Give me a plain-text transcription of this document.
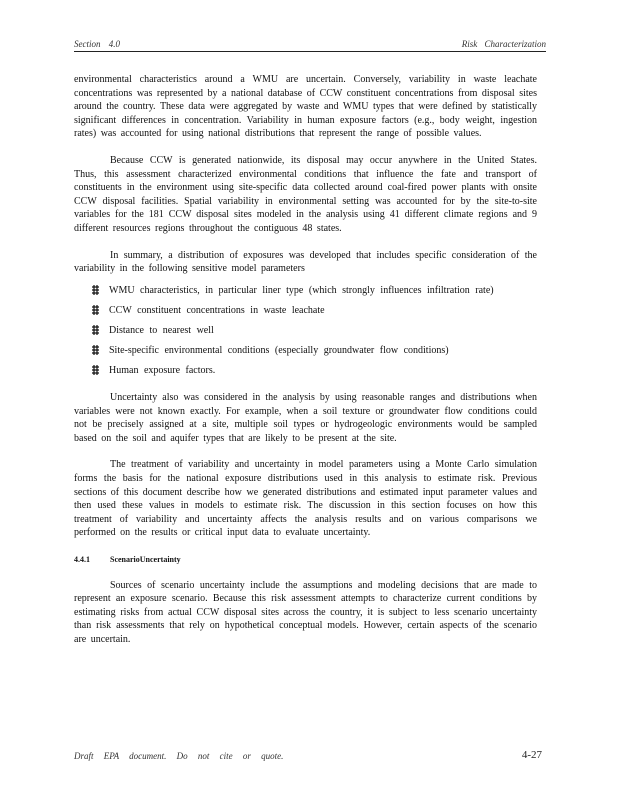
Section 4.0	Risk Characterization

environmental characteristics around a WMU are uncertain. Conversely, variability in waste leachate concentrations was represented by a national database of CCW constituent concentrations from disposal sites around the country. These data were aggregated by waste and WMU types that were defined by statistically significant differences in concentration. Variability in human exposure factors (e.g., body weight, ingestion rates) was accounted for using national distributions that represent the range of possible values.

Because CCW is generated nationwide, its disposal may occur anywhere in the United States. Thus, this assessment characterized environmental conditions that influence the fate and transport of constituents in the environment using site-specific data collected around coal-fired power plants with onsite CCW disposal facilities. Spatial variability in environmental setting was accounted for by the site-to-site variables for the 181 CCW disposal sites modeled in the analysis using 41 different climate regions and 9 different resources regions throughout the contiguous 48 states.

In summary, a distribution of exposures was developed that includes specific consideration of the variability in the following sensitive model parameters

WMU characteristics, in particular liner type (which strongly influences infiltration rate)
CCW constituent concentrations in waste leachate
Distance to nearest well
Site-specific environmental conditions (especially groundwater flow conditions)
Human exposure factors.

Uncertainty also was considered in the analysis by using reasonable ranges and distributions when variables were not known exactly. For example, when a soil texture or groundwater flow conditions could not be precisely assigned at a site, multiple soil types or hydrogeologic environments would be sampled based on the soil and aquifer types that are likely to be present at the site.

The treatment of variability and uncertainty in model parameters using a Monte Carlo simulation forms the basis for the national exposure distributions used in this analysis to estimate risk. Previous sections of this document describe how we generated distributions and estimated input parameter values and then used these values in models to estimate risk. The discussion in this section focuses on how this treatment of variability and uncertainty affects the analysis results and on various comparisons we performed on the results or critical input data to evaluate uncertainty.

4.4.1	ScenarioUncertainty

Sources of scenario uncertainty include the assumptions and modeling decisions that are made to represent an exposure scenario. Because this risk assessment attempts to characterize current conditions by estimating risks from actual CCW disposal sites across the country, it is subject to less scenario uncertainty than risk assessments that rely on hypothetical conceptual models. However, certain aspects of the scenario are uncertain.

Draft EPA document. Do not cite or quote.	4-27
